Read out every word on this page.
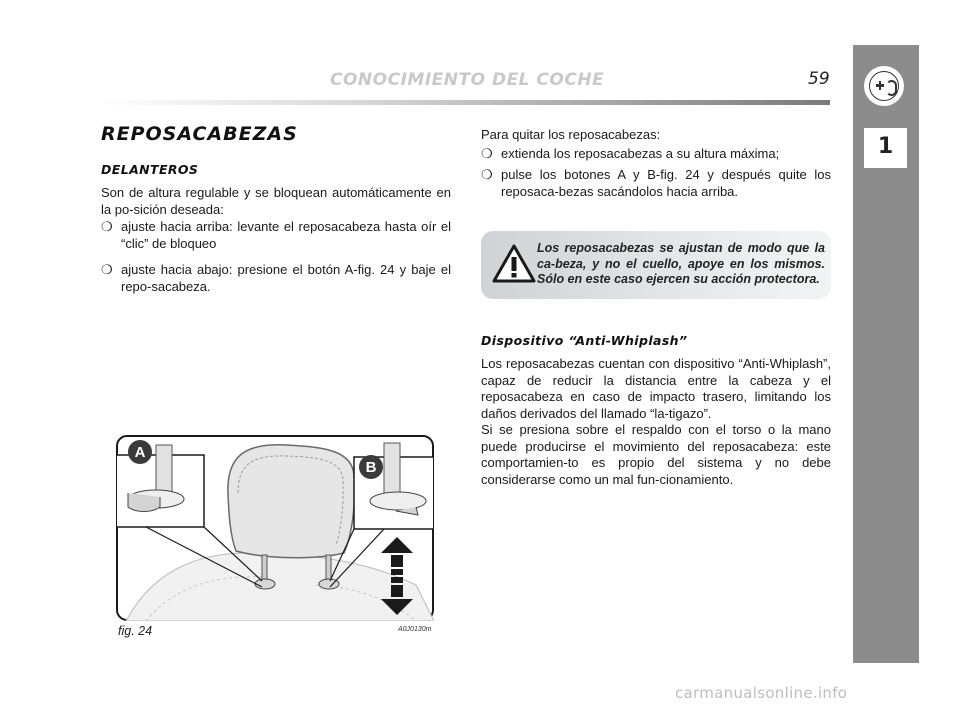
CONOCIMIENTO DEL COCHE	59
1
REPOSACABEZAS
DELANTEROS
Son de altura regulable y se bloquean automáticamente en la po-sición deseada:
❍ ajuste hacia arriba: levante el reposacabeza hasta oír el “clic” de bloqueo
❍ ajuste hacia abajo: presione el botón A-fig. 24 y baje el repo-sacabeza.
Para quitar los reposacabezas:
❍ extienda los reposacabezas a su altura máxima;
❍ pulse los botones A y B-fig. 24 y después quite los reposaca-bezas sacándolos hacia arriba.
Los reposacabezas se ajustan de modo que la ca-beza, y no el cuello, apoye en los mismos. Sólo en este caso ejercen su acción protectora.
Dispositivo “Anti-Whiplash”
Los reposacabezas cuentan con dispositivo “Anti-Whiplash”, capaz de reducir la distancia entre la cabeza y el reposacabeza en caso de impacto trasero, limitando los daños derivados del llamado “la-tigazo”.
Si se presiona sobre el respaldo con el torso o la mano puede producirse el movimiento del reposacabeza: este comportamien-to es propio del sistema y no debe considerarse como un mal fun-cionamiento.
A
B
fig. 24	A0J0130m
carmanualsonline.info
